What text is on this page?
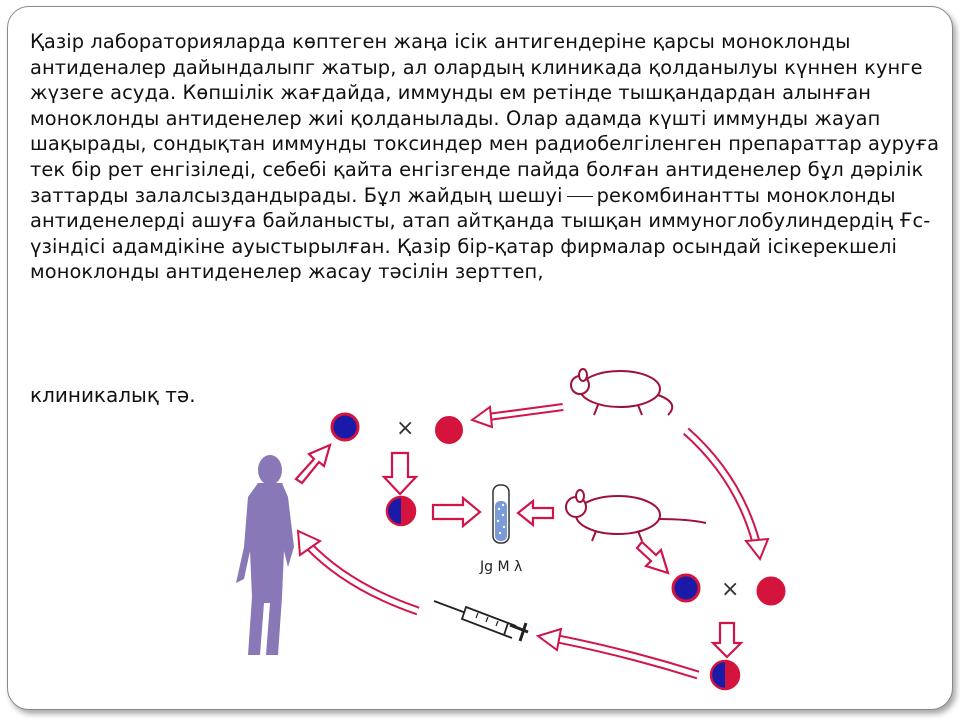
Қазір лабораторияларда көптеген жаңа ісік антигендеріне қарсы моноклонды антиденалер дайындалыпг жатыр, ал олардың клиникада қолданылуы күннен кунге жүзеге асуда. Көпшілік жағдайда, иммунды ем ретінде тышқандардан алынған моноклонды антиденелер жиі қолданылады. Олар адамда күшті иммунды жауап шақырады, сондықтан иммунды токсиндер мен радиобелгіленген препараттар ауруға тек бір рет енгізіледі, себебі қайта енгізгенде пайда болған антиденелер бұл дәрілік заттарды залалсыздандырады. Бұл жайдың шешуі рекомбинантты моноклонды антиденелерді ашуға байланысты, атап айтқанда тышқан иммуноглобулиндердің Ғс-үзіндісі адамдікіне ауыстырылған. Қазір бір-қатар фирмалар осындай ісікерекшелі моноклонды антиденелер жасау тәсілін зерттеп,

×
Jg M λ
×
клиникалық тә.
